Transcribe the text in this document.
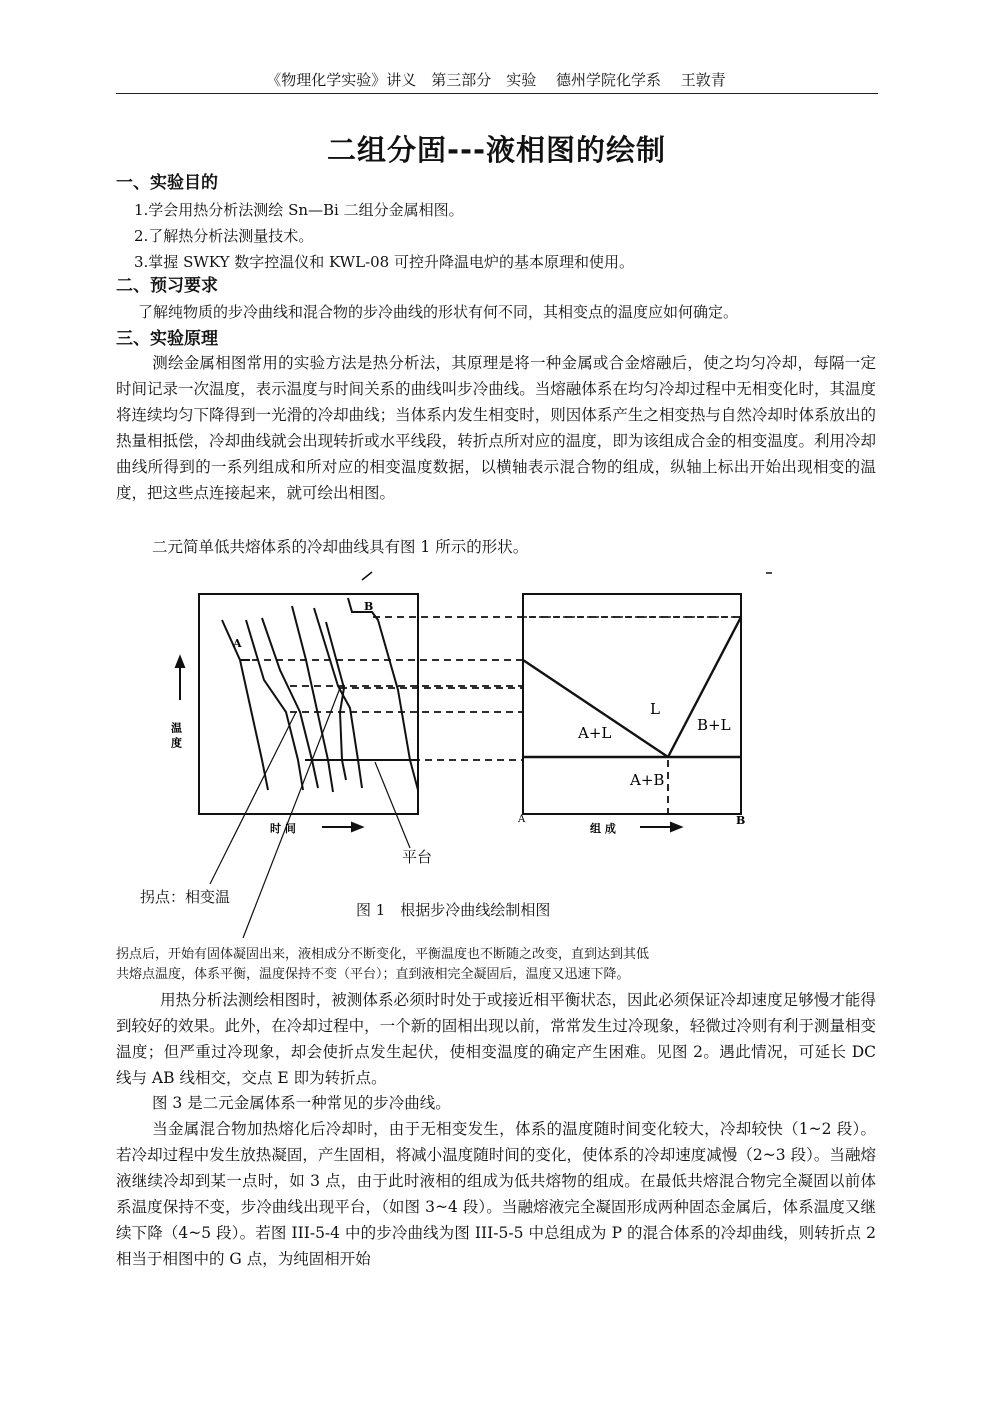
《物理化学实验》讲义　第三部分　实验　 德州学院化学系　 王敦青
二组分固---液相图的绘制
一、实验目的
1.学会用热分析法测绘 Sn—Bi 二组分金属相图。
2.了解热分析法测量技术。
3.掌握 SWKY 数字控温仪和 KWL-08 可控升降温电炉的基本原理和使用。
二、预习要求
了解纯物质的步冷曲线和混合物的步冷曲线的形状有何不同，其相变点的温度应如何确定。
三、实验原理
测绘金属相图常用的实验方法是热分析法，其原理是将一种金属或合金熔融后，使之均匀冷却，每隔一定时间记录一次温度，表示温度与时间关系的曲线叫步冷曲线。当熔融体系在均匀冷却过程中无相变化时，其温度将连续均匀下降得到一光滑的冷却曲线；当体系内发生相变时，则因体系产生之相变热与自然冷却时体系放出的热量相抵偿，冷却曲线就会出现转折或水平线段，转折点所对应的温度，即为该组成合金的相变温度。利用冷却曲线所得到的一系列组成和所对应的相变温度数据，以横轴表示混合物的组成，纵轴上标出开始出现相变的温度，把这些点连接起来，就可绘出相图。
二元简单低共熔体系的冷却曲线具有图 1 所示的形状。
A
B
温 度
时 间
A	B
组 成
L
A+L	B+L
A+B
平台
拐点：相变温
图 1　根据步冷曲线绘制相图
拐点后，开始有固体凝固出来，液相成分不断变化，平衡温度也不断随之改变，直到达到其低
共熔点温度，体系平衡，温度保持不变（平台）；直到液相完全凝固后，温度又迅速下降。
用热分析法测绘相图时，被测体系必须时时处于或接近相平衡状态，因此必须保证冷却速度足够慢才能得到较好的效果。此外，在冷却过程中，一个新的固相出现以前，常常发生过冷现象，轻微过冷则有利于测量相变温度；但严重过冷现象，却会使折点发生起伏，使相变温度的确定产生困难。见图 2。遇此情况，可延长 DC 线与 AB 线相交，交点 E 即为转折点。
图 3 是二元金属体系一种常见的步冷曲线。
当金属混合物加热熔化后冷却时，由于无相变发生，体系的温度随时间变化较大，冷却较快（1~2 段）。若冷却过程中发生放热凝固，产生固相，将减小温度随时间的变化，使体系的冷却速度减慢（2~3 段）。当融熔液继续冷却到某一点时，如 3 点，由于此时液相的组成为低共熔物的组成。在最低共熔混合物完全凝固以前体系温度保持不变，步冷曲线出现平台，（如图 3~4 段）。当融熔液完全凝固形成两种固态金属后，体系温度又继续下降（4~5 段）。若图 III-5-4 中的步冷曲线为图 III-5-5 中总组成为 P 的混合体系的冷却曲线，则转折点 2　相当于相图中的 G 点，为纯固相开始
